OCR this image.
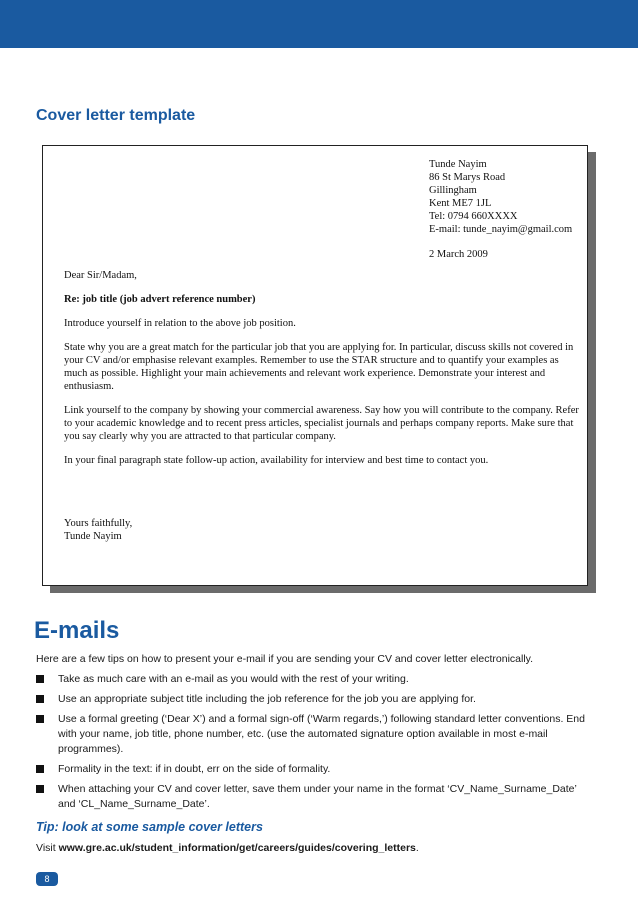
Cover letter template
Tunde Nayim
86 St Marys Road
Gillingham
Kent ME7 1JL
Tel: 0794 660XXXX
E-mail: tunde_nayim@gmail.com
2 March 2009

Dear Sir/Madam,

Re: job title (job advert reference number)

Introduce yourself in relation to the above job position.

State why you are a great match for the particular job that you are applying for. In particular, discuss skills not covered in your CV and/or emphasise relevant examples. Remember to use the STAR structure and to quantify your examples as much as possible. Highlight your main achievements and relevant work experience. Demonstrate your interest and enthusiasm.

Link yourself to the company by showing your commercial awareness. Say how you will contribute to the company. Refer to your academic knowledge and to recent press articles, specialist journals and perhaps company reports. Make sure that you say clearly why you are attracted to that particular company.

In your final paragraph state follow-up action, availability for interview and best time to contact you.

Yours faithfully,
Tunde Nayim
E-mails
Here are a few tips on how to present your e-mail if you are sending your CV and cover letter electronically.
Take as much care with an e-mail as you would with the rest of your writing.
Use an appropriate subject title including the job reference for the job you are applying for.
Use a formal greeting (‘Dear X’) and a formal sign-off (‘Warm regards,’) following standard letter conventions. End with your name, job title, phone number, etc. (use the automated signature option available in most e-mail programmes).
Formality in the text: if in doubt, err on the side of formality.
When attaching your CV and cover letter, save them under your name in the format ‘CV_Name_Surname_Date’ and ‘CL_Name_Surname_Date’.
Tip: look at some sample cover letters
Visit www.gre.ac.uk/student_information/get/careers/guides/covering_letters.
8
